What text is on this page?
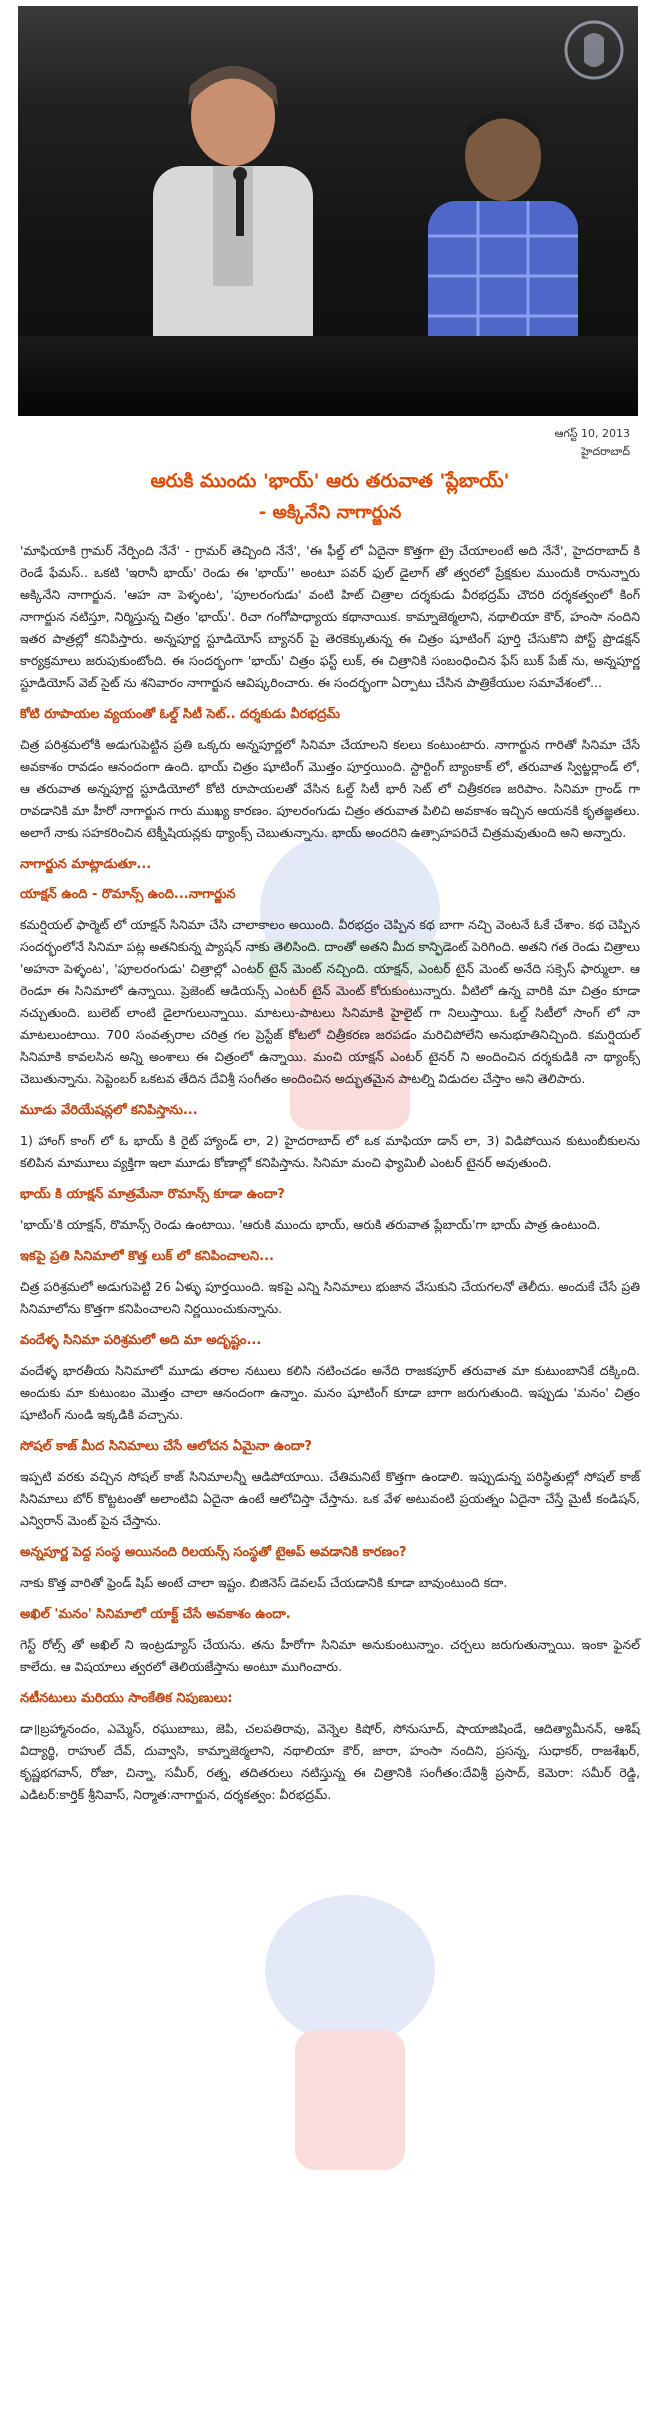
ఆగస్ట్ 10, 2013
హైదరాబాద్
ఆరుకి ముందు 'భాయ్' ఆరు తరువాత 'ప్లేబాయ్'
- అక్కినేని నాగార్జున

'మాఫియాకి గ్రామర్ నేర్పింది నేనే' - గ్రామర్ తెచ్చింది నేనే', 'ఈ ఫీల్డ్ లో ఏదైనా కొత్తగా ట్రై చేయాలంటే అది నేనే', హైదరాబాద్ కి రెండే ఫేమస్.. ఒకటి 'ఇరానీ భాయ్' రెండు ఈ 'భాయ్'' అంటూ పవర్ ఫుల్ డైలాగ్ తో త్వరలో ప్రేక్షకుల ముందుకి రానున్నారు అక్కినేని నాగార్జున. 'ఆహ నా పెళ్ళంట', 'పూలరంగుడు' వంటి హిట్ చిత్రాల దర్శకుడు వీరభద్రమ్ చౌదరి దర్శకత్వంలో కింగ్ నాగార్జున నటిస్తూ, నిర్మిస్తున్న చిత్రం 'భాయ్'. రిచా గంగోపాధ్యాయ కథానాయిక. కామ్నాజెఠ్మలాని, నథాలియా కౌర్, హంసా నందిని ఇతర పాత్రల్లో కనిపిస్తారు. అన్నపూర్ణ స్టూడియోస్ బ్యానర్ పై తెరకెక్కుతున్న ఈ చిత్రం షూటింగ్ పూర్తి చేసుకొని పోస్ట్ ప్రొడక్షన్ కార్యక్రమాలు జరుపుకుంటోంది. ఈ సందర్భంగా 'భాయ్' చిత్రం ఫస్ట్ లుక్, ఈ చిత్రానికి సంబంధించిన ఫేస్ బుక్ పేజ్ ను, అన్నపూర్ణ స్టూడియోస్ వెబ్ సైట్ ను శనివారం నాగార్జున ఆవిష్కరించారు. ఈ సందర్భంగా ఏర్పాటు చేసిన పాత్రికేయుల సమావేశంలో...

కోటి రూపాయల వ్యయంతో ఓల్డ్ సిటీ సెట్.. దర్శకుడు వీరభద్రమ్

చిత్ర పరిశ్రమలోకి అడుగుపెట్టిన ప్రతి ఒక్కరు అన్నపూర్ణలో సినిమా చేయాలని కలలు కంటుంటారు. నాగార్జున గారితో సినిమా చేసే అవకాశం రావడం ఆనందంగా ఉంది. భాయ్ చిత్రం షూటింగ్ మొత్తం పూర్తయింది. స్టార్టింగ్ బ్యాంకాక్ లో, తరువాత స్విట్జర్లాండ్ లో, ఆ తరువాత అన్నపూర్ణ స్టూడియోలో కోటి రూపాయలతో వేసిన ఓల్డ్ సిటీ భారీ సెట్ లో చిత్రీకరణ జరిపాం. సినిమా గ్రాండ్ గా రావడానికి మా హీరో నాగార్జున గారు ముఖ్య కారణం. పూలరంగుడు చిత్రం తరువాత పిలిచి అవకాశం ఇచ్చిన ఆయనకి కృతజ్ఞతలు. అలాగే నాకు సహకరించిన టెక్నీషియన్లకు థ్యాంక్స్ చెబుతున్నాను. భాయ్ అందరిని ఉత్సాహపరిచే చిత్రమవుతుంది అని అన్నారు.

నాగార్జున మాట్లాడుతూ...
యాక్షన్ ఉంది - రొమాన్స్ ఉంది...నాగార్జున

కమర్షియల్ ఫార్మెట్ లో యాక్షన్ సినిమా చేసి చాలాకాలం అయింది. వీరభద్రం చెప్పిన కథ బాగా నచ్చి వెంటనే ఓకే చేశాం. కథ చెప్పిన సందర్భంలోనే సినిమా పట్ల అతనికున్న ప్యాషన్ నాకు తెలిసింది. దాంతో అతని మీద కాన్ఫిడెంట్ పెరిగింది. అతని గత రెండు చిత్రాలు 'అహనా పెళ్ళంట', 'పూలరంగుడు' చిత్రాల్లో ఎంటర్ టైన్ మెంట్ నచ్చింది. యాక్షన్, ఎంటర్ టైన్ మెంట్ అనేది సక్సెస్ ఫార్ములా. ఆ రెండూ ఈ సినిమాలో ఉన్నాయి. ప్రెజెంట్ ఆడియన్స్ ఎంటర్ టైన్ మెంట్ కోరుకుంటున్నారు. వీటిలో ఉన్న వారికి మా చిత్రం కూడా నచ్చుతుంది. బులెట్ లాంటి డైలాగులున్నాయి. మాటలు-పాటలు సినిమాకి హైలైట్ గా నిలుస్తాయి. ఓల్డ్ సిటీలో సాంగ్ లో నా మాటలుంటాయి. 700 సంవత్సరాల చరిత్ర గల ప్రెస్టేజ్ కోటలో చిత్రీకరణ జరపడం మరిచిపోలేని అనుభూతినిచ్చింది. కమర్షియల్ సినిమాకి కావలసిన అన్ని అంశాలు ఈ చిత్రంలో ఉన్నాయి. మంచి యాక్షన్ ఎంటర్ టైనర్ ని అందించిన దర్శకుడికి నా థ్యాంక్స్ చెబుతున్నాను. సెప్టెంబర్ ఒకటవ తేదిన దేవిశ్రీ సంగీతం అందించిన అద్భుతమైన పాటల్ని విడుదల చేస్తాం అని తెలిపారు.

మూడు వేరియేషన్లలో కనిపిస్తాను...

1) హాంగ్ కాంగ్ లో ఓ భాయ్ కి రైట్ హ్యాండ్ లా, 2) హైదరాబాద్ లో ఒక మాఫియా డాన్ లా, 3) విడిపోయిన కుటుంబీకులను కలిపిన మామూలు వ్యక్తిగా ఇలా మూడు కోణాల్లో కనిపిస్తాను. సినిమా మంచి ఫ్యామిలీ ఎంటర్ టైనర్ అవుతుంది.

భాయ్ కి యాక్షన్ మాత్రమేనా రొమాన్స్ కూడా ఉందా?

'భాయ్'కి యాక్షన్, రొమాన్స్ రెండు ఉంటాయి. 'ఆరుకి ముందు భాయ్, ఆరుకి తరువాత ప్లేబాయ్'గా భాయ్ పాత్ర ఉంటుంది.

ఇకపై ప్రతి సినిమాలో కొత్త లుక్ లో కనిపించాలని...

చిత్ర పరిశ్రమలో అడుగుపెట్టి 26 ఏళ్ళు పూర్తయింది. ఇకపై ఎన్ని సినిమాలు భుజాన వేసుకుని చేయగలనో తెలీదు. అందుకే చేసే ప్రతి సినిమాలోను కొత్తగా కనిపించాలని నిర్ణయించుకున్నాను.

వందేళ్ళ సినిమా పరిశ్రమలో అది మా అదృష్టం...

వందేళ్ళ భారతీయ సినిమాలో మూడు తరాల నటులు కలిసి నటించడం అనేది రాజకపూర్ తరువాత మా కుటుంబానికే దక్కింది. అందుకు మా కుటుంబం మొత్తం చాలా ఆనందంగా ఉన్నాం. మనం షూటింగ్ కూడా బాగా జరుగుతుంది. ఇప్పుడు 'మనం' చిత్రం షూటింగ్ నుండి ఇక్కడికి వచ్చాను.

సోషల్ కాజ్ మీద సినిమాలు చేసే ఆలోచన ఏమైనా ఉందా?

ఇప్పటి వరకు వచ్చిన సోషల్ కాజ్ సినిమాలన్నీ ఆడిపోయాయి. చేతిమనిటే కొత్తగా ఉండాలి. ఇప్పుడున్న పరిస్థితుల్లో సోషల్ కాజ్ సినిమాలు బోర్ కొట్టటంతో అలాంటివి ఏదైనా ఉంటే ఆలోచిస్తా చేస్తాను. ఒక వేళ అటువంటి ప్రయత్నం ఏదైనా చేస్తే మైటీ కండిషన్, ఎన్విరాన్ మెంట్ పైన చేస్తాను.

అన్నపూర్ణ పెద్ద సంస్థ అయినంది రిలయన్స్ సంస్థతో టైఅప్ అవడానికి కారణం?

నాకు కొత్త వారితో ఫ్రెండ్ షిప్ అంటే చాలా ఇష్టం. బిజినెస్ డెవలప్ చేయడానికి కూడా బావుంటుంది కదా.

అఖిల్ 'మనం' సినిమాలో యాక్ట్ చేసే అవకాశం ఉందా.

గెస్ట్ రోల్స్ తో అఖిల్ ని ఇంట్రడ్యూస్ చేయను. తను హీరోగా సినిమా అనుకుంటున్నాం. చర్చలు జరుగుతున్నాయి. ఇంకా ఫైనల్ కాలేదు. ఆ విషయాలు త్వరలో తెలియజేస్తాను అంటూ ముగించారు.

నటీనటులు మరియు సాంకేతిక నిపుణులు:

డా॥బ్రహ్మానందం, ఎమ్మెస్, రఘుబాబు, జెపి, చలపతిరావు, వెన్నెల కిషోర్, సోనుసూద్, షాయాజిషిండే, ఆదిత్యామీనన్, ఆశిష్ విద్యార్థి, రాహుల్ దేవ్, దువ్వాసి, కామ్నాజెఠ్మలాని, నథాలియా కౌర్, జారా, హంసా నందిని, ప్రసన్న, సుధాకర్, రాజశేఖర్, కృష్ణభగవాన్, రోజా, చిన్నా, సమీర్, రత్న, తదితరులు నటిస్తున్న ఈ చిత్రానికి సంగీతం:దేవిశ్రీ ప్రసాద్, కెమెరా: సమీర్ రెడ్డి, ఎడిటర్:కార్తిక్ శ్రీనివాస్, నిర్మాత:నాగార్జున, దర్శకత్వం: వీరభద్రమ్.
